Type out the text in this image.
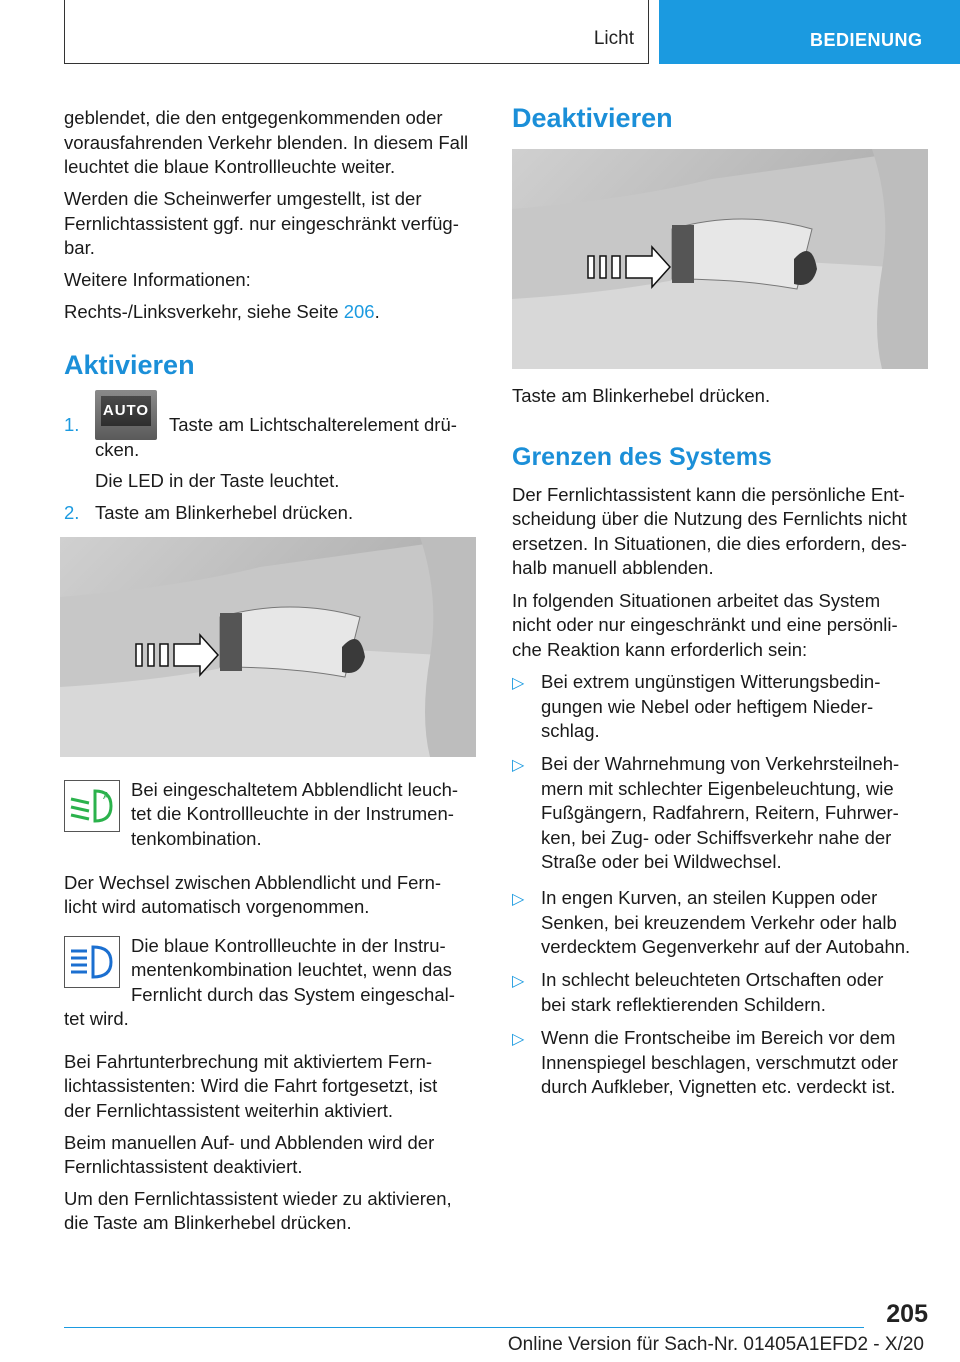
Licht	BEDIENUNG

geblendet, die den entgegenkommenden oder

vorausfahrenden Verkehr blenden. In diesem Fall

leuchtet die blaue Kontrollleuchte weiter.

Werden die Scheinwerfer umgestellt, ist der

Fernlichtassistent ggf. nur eingeschränkt verfüg-

bar.

Weitere Informationen:

Rechts-/Linksverkehr, siehe Seite 206.

Aktivieren
1.
AUTO

Taste am Lichtschalterelement drü-

cken.

Die LED in der Taste leuchtet.

2. Taste am Blinkerhebel drücken.

A Bei eingeschaltetem Abblendlicht leuch-

tet die Kontrollleuchte in der Instrumen-

tenkombination.

Der Wechsel zwischen Abblendlicht und Fern-

licht wird automatisch vorgenommen.

Die blaue Kontrollleuchte in der Instru-

mentenkombination leuchtet, wenn das

Fernlicht durch das System eingeschal-

tet wird.

Bei Fahrtunterbrechung mit aktiviertem Fern-

lichtassistenten: Wird die Fahrt fortgesetzt, ist

der Fernlichtassistent weiterhin aktiviert.

Beim manuellen Auf- und Abblenden wird der

Fernlichtassistent deaktiviert.

Um den Fernlichtassistent wieder zu aktivieren,

die Taste am Blinkerhebel drücken.

Deaktivieren

Taste am Blinkerhebel drücken.

Grenzen des Systems

Der Fernlichtassistent kann die persönliche Ent-

scheidung über die Nutzung des Fernlichts nicht

ersetzen. In Situationen, die dies erfordern, des-

halb manuell abblenden.

In folgenden Situationen arbeitet das System

nicht oder nur eingeschränkt und eine persönli-

che Reaktion kann erforderlich sein:

▷ Bei extrem ungünstigen Witterungsbedin-

gungen wie Nebel oder heftigem Nieder-

schlag.

▷ Bei der Wahrnehmung von Verkehrsteilneh-

mern mit schlechter Eigenbeleuchtung, wie

Fußgängern, Radfahrern, Reitern, Fuhrwer-

ken, bei Zug- oder Schiffsverkehr nahe der

Straße oder bei Wildwechsel.

▷ In engen Kurven, an steilen Kuppen oder

Senken, bei kreuzendem Verkehr oder halb

verdecktem Gegenverkehr auf der Autobahn.

▷ In schlecht beleuchteten Ortschaften oder

bei stark reflektierenden Schildern.

▷ Wenn die Frontscheibe im Bereich vor dem

Innenspiegel beschlagen, verschmutzt oder

durch Aufkleber, Vignetten etc. verdeckt ist.

205
Online Version für Sach-Nr. 01405A1EFD2 - X/20
